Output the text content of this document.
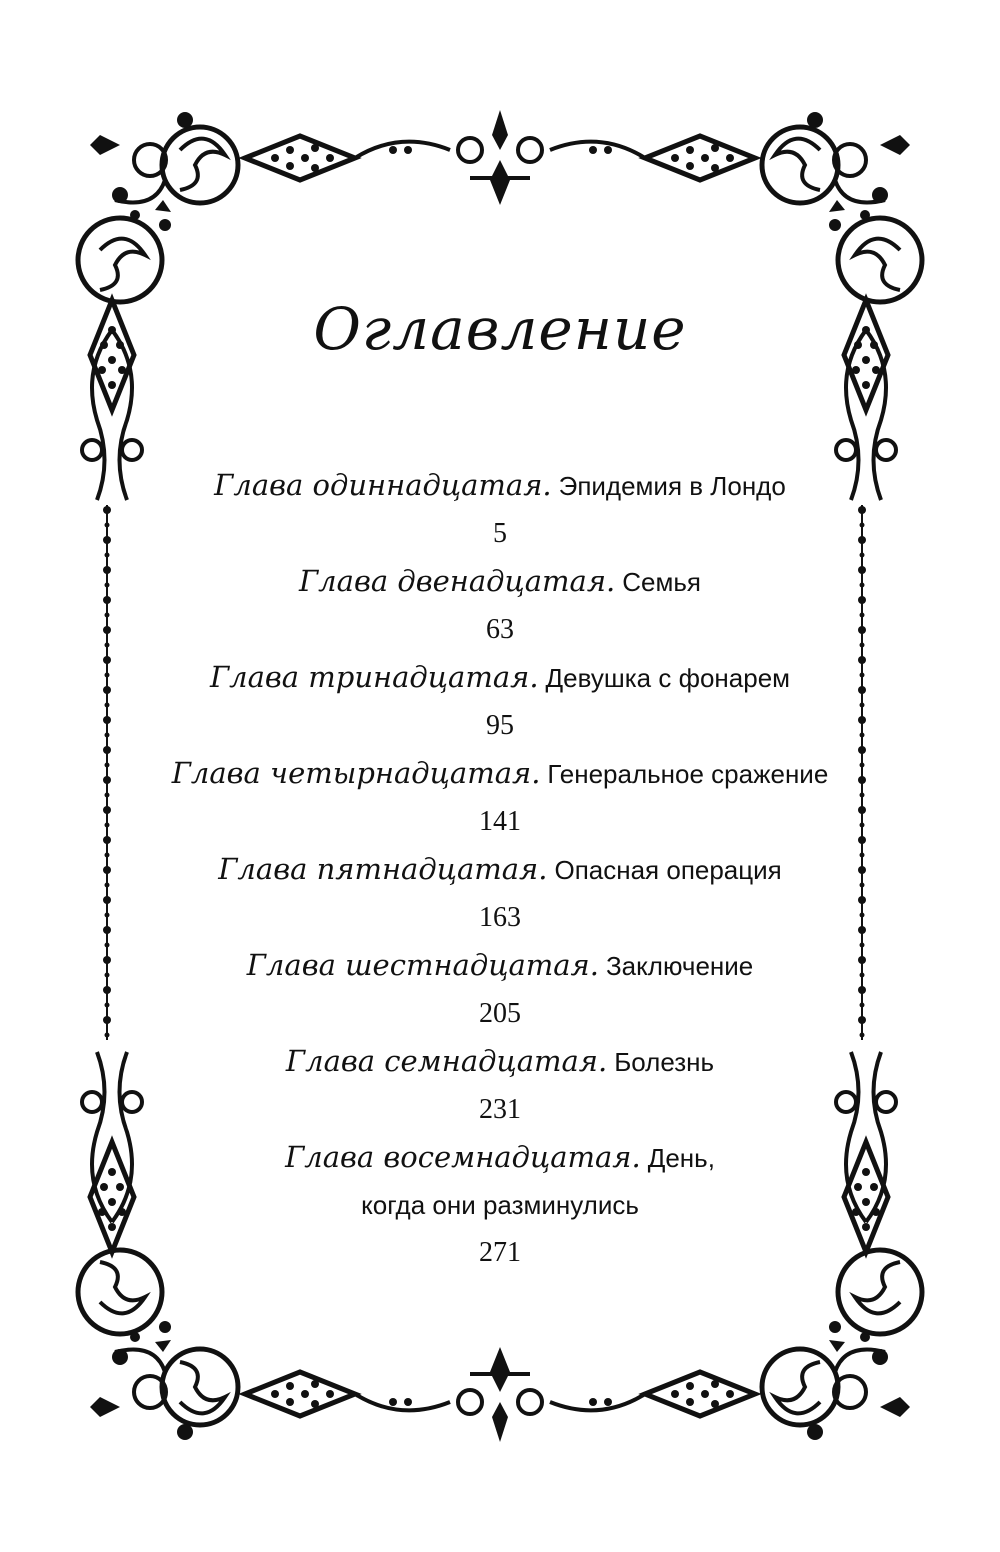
Оглавление
Глава одиннадцатая. Эпидемия в Лондо
5
Глава двенадцатая. Семья
63
Глава тринадцатая. Девушка с фонарем
95
Глава четырнадцатая. Генеральное сражение
141
Глава пятнадцатая. Опасная операция
163
Глава шестнадцатая. Заключение
205
Глава семнадцатая. Болезнь
231
Глава восемнадцатая. День,
когда они разминулись
271
